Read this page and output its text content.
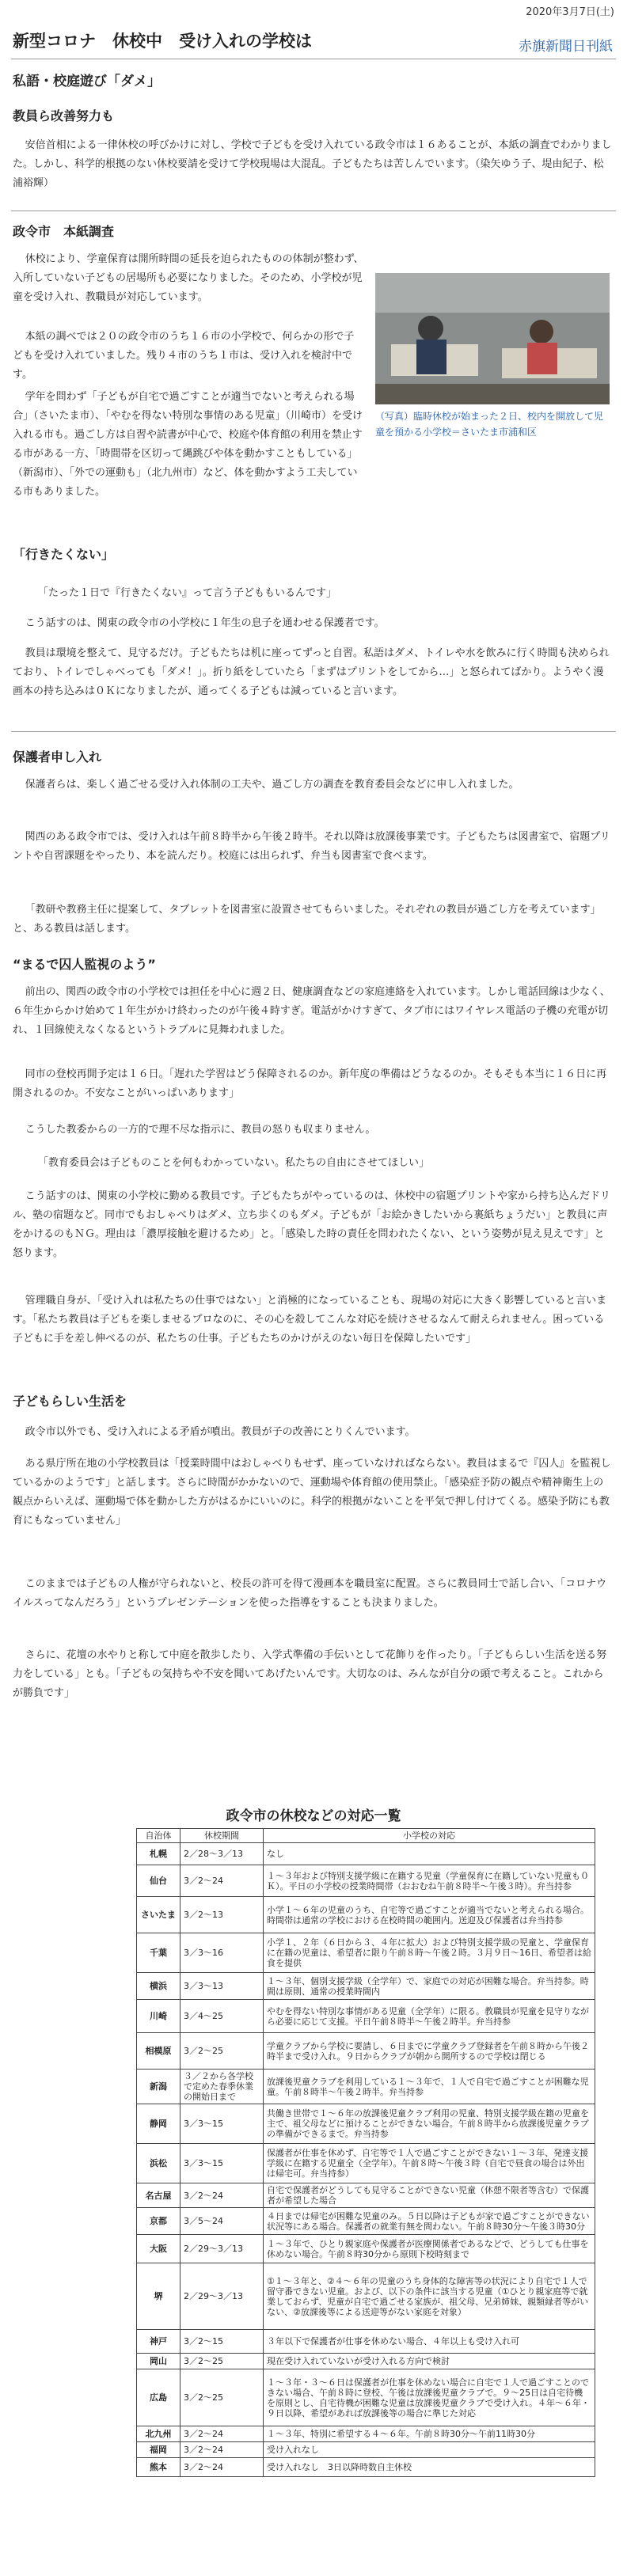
2020年3月7日(土)
新型コロナ　休校中　受け入れの学校は	赤旗新聞日刊紙
私語・校庭遊び「ダメ」
教員ら改善努力も
安倍首相による一律休校の呼びかけに対し、学校で子どもを受け入れている政令市は１６あることが、本紙の調査でわかりました。しかし、科学的根拠のない休校要請を受けて学校現場は大混乱。子どもたちは苦しんでいます。（染矢ゆう子、堤由紀子、松浦裕輝）
政令市　本紙調査
休校により、学童保育は開所時間の延長を迫られたものの体制が整わず、入所していない子どもの居場所も必要になりました。そのため、小学校が児童を受け入れ、教職員が対応しています。
（写真）臨時休校が始まった２日、校内を開放して児童を預かる小学校＝さいたま市浦和区
本紙の調べでは２０の政令市のうち１６市の小学校で、何らかの形で子どもを受け入れていました。残り４市のうち１市は、受け入れを検討中です。
学年を問わず「子どもが自宅で過ごすことが適当でないと考えられる場合」（さいたま市）、「やむを得ない特別な事情のある児童」（川崎市）を受け入れる市も。過ごし方は自習や読書が中心で、校庭や体育館の利用を禁止する市がある一方、「時間帯を区切って縄跳びや体を動かすこともしている」（新潟市）、「外での運動も」（北九州市）など、体を動かすよう工夫している市もありました。
「行きたくない」
「たった１日で『行きたくない』って言う子どももいるんです」
こう話すのは、関東の政令市の小学校に１年生の息子を通わせる保護者です。
教員は環境を整えて、見守るだけ。子どもたちは机に座ってずっと自習。私語はダメ、トイレや水を飲みに行く時間も決められており、トイレでしゃべっても「ダメ！」。折り紙をしていたら「まずはプリントをしてから…」と怒られてばかり。ようやく漫画本の持ち込みは０Ｋになりましたが、通ってくる子どもは減っていると言います。
保護者申し入れ
保護者らは、楽しく過ごせる受け入れ体制の工夫や、過ごし方の調査を教育委員会などに申し入れました。
関西のある政令市では、受け入れは午前８時半から午後２時半。それ以降は放課後事業です。子どもたちは図書室で、宿題プリントや自習課題をやったり、本を読んだり。校庭には出られず、弁当も図書室で食べます。
「教研や教務主任に提案して、タブレットを図書室に設置させてもらいました。それぞれの教員が過ごし方を考えています」と、ある教員は話します。
“まるで囚人監視のよう”
前出の、関西の政令市の小学校では担任を中心に週２日、健康調査などの家庭連絡を入れています。しかし電話回線は少なく、６年生からかけ始めて１年生がかけ終わったのが午後４時すぎ。電話がかけすぎて、タブ市にはワイヤレス電話の子機の充電が切れ、１回線使えなくなるというトラブルに見舞われました。
同市の登校再開予定は１６日。「遅れた学習はどう保障されるのか。新年度の準備はどうなるのか。そもそも本当に１６日に再開されるのか。不安なことがいっぱいあります」
こうした教委からの一方的で理不尽な指示に、教員の怒りも収まりません。
「教育委員会は子どものことを何もわかっていない。私たちの自由にさせてほしい」
こう話すのは、関東の小学校に勤める教員です。子どもたちがやっているのは、休校中の宿題プリントや家から持ち込んだドリル、塾の宿題など。同市でもおしゃべりはダメ、立ち歩くのもダメ。子どもが「お絵かきしたいから裏紙ちょうだい」と教員に声をかけるのもＮＧ。理由は「濃厚接触を避けるため」と。「感染した時の責任を問われたくない、という姿勢が見え見えです」と怒ります。
管理職自身が、「受け入れは私たちの仕事ではない」と消極的になっていることも、現場の対応に大きく影響していると言います。「私たち教員は子どもを楽しませるプロなのに、その心を殺してこんな対応を続けさせるなんて耐えられません。困っている子どもに手を差し伸べるのが、私たちの仕事。子どもたちのかけがえのない毎日を保障したいです」
子どもらしい生活を
政令市以外でも、受け入れによる矛盾が噴出。教員が子の改善にとりくんでいます。
ある県庁所在地の小学校教員は「授業時間中はおしゃべりもせず、座っていなければならない。教員はまるで『囚人』を監視しているかのようです」と話します。さらに時間がかかないので、運動場や体育館の使用禁止。「感染症予防の観点や精神衛生上の観点からいえば、運動場で体を動かした方がはるかにいいのに。科学的根拠がないことを平気で押し付けてくる。感染予防にも教育にもなっていません」
このままでは子どもの人権が守られないと、校長の許可を得て漫画本を職員室に配置。さらに教員同士で話し合い、「コロナウイルスってなんだろう」というプレゼンテーションを使った指導をすることも決まりました。
さらに、花壇の水やりと称して中庭を散歩したり、入学式準備の手伝いとして花飾りを作ったり。「子どもらしい生活を送る努力をしている」とも。「子どもの気持ちや不安を聞いてあげたいんです。大切なのは、みんなが自分の頭で考えること。これからが勝負です」
政令市の休校などの対応一覧
自治体	休校期間	小学校の対応
札幌	2／28〜3／13	なし
仙台	3／2〜24	１〜３年および特別支援学級に在籍する児童（学童保育に在籍していない児童も０Ｋ）。平日の小学校の授業時間帯（おおむね午前８時半〜午後３時）。弁当持参
さいたま	3／2〜13	小学１〜６年の児童のうち、自宅等で過ごすことが適当でないと考えられる場合。時間帯は通常の学校における在校時間の範囲内。送迎及び保護者は弁当持参
千葉	3／3〜16	小学１、２年（６日から３、４年に拡大）および特別支援学級の児童と、学童保育に在籍の児童は、希望者に限り午前８時〜午後２時。３月９日〜16日、希望者は給食を提供
横浜	3／3〜13	１〜３年、個別支援学級（全学年）で、家庭での対応が困難な場合。弁当持参。時間は原則、通常の授業時間内
川崎	3／4〜25	やむを得ない特別な事情がある児童（全学年）に限る。教職員が児童を見守りながら必要に応じて支援。平日午前８時半〜午後２時半。弁当持参
相模原	3／2〜25	学童クラブから学校に要請し、６日までに学童クラブ登録者を午前８時から午後２時半まで受け入れ。９日からクラブが朝から開所するので学校は閉じる
新潟	３／２から各学校で定めた春季休業の開始日まで	放課後児童クラブを利用している１〜３年で、１人で自宅で過ごすことが困難な児童。午前８時半〜午後２時半。弁当持参
静岡	3／3〜15	共働き世帯で１〜６年の放課後児童クラブ利用の児童、特別支援学級在籍の児童を主で、祖父母などに預けることができない場合。午前８時半から放課後児童クラブの準備ができるまで。弁当持参
浜松	3／3〜15	保護者が仕事を休めず、自宅等で１人で過ごすことができない１〜３年、発達支援学級に在籍する児童全（全学年）。午前８時〜午後３時（自宅で昼食の場合は外出は帰宅可。弁当持参）
名古屋	3／2〜24	自宅で保護者がどうしても見守ることができない児童（休憩不限者等含む）で保護者が希望した場合
京都	3／5〜24	４日までは帰宅が困難な児童のみ。５日以降は子どもが家で過ごすことができない状況等にある場合。保護者の就業有無を問わない。午前８時30分〜午後３時30分
大阪	2／29〜3／13	１〜３年で、ひとり親家庭や保護者が医療関係者であるなどで、どうしても仕事を休めない場合。午前８時30分から原則下校時刻まで
堺	2／29〜3／13	①１〜３年と、②４〜６年の児童のうち身体的な障害等の状況により自宅で１人で留守番できない児童。および、以下の条件に該当する児童（①ひとり親家庭等で就業しておらず、児童が自宅で過ごせる家族が、祖父母、兄弟姉妹、親類縁者等がいない、②放課後等による送迎等がない家庭を対象）
神戸	3／2〜15	３年以下で保護者が仕事を休めない場合、４年以上も受け入れ可
岡山	3／2〜25	現在受け入れていないが受け入れる方向で検討
広島	3／2〜25	１〜３年・３〜６日は保護者が仕事を休めない場合に自宅で１人で過ごすことのできない場合、午前８時に登校、午後は放課後児童クラブで。９〜25日は自宅待機を原則とし、自宅待機が困難な児童は放課後児童クラブで受け入れ。４年〜６年・９日以降、希望があれば放課後等の場合に準じた対応
北九州	3／2〜24	１〜３年、特別に希望する４〜６年。午前８時30分〜午前11時30分
福岡	3／2〜24	受け入れなし
熊本	3／2〜24	受け入れなし　3日以降時数自主休校
